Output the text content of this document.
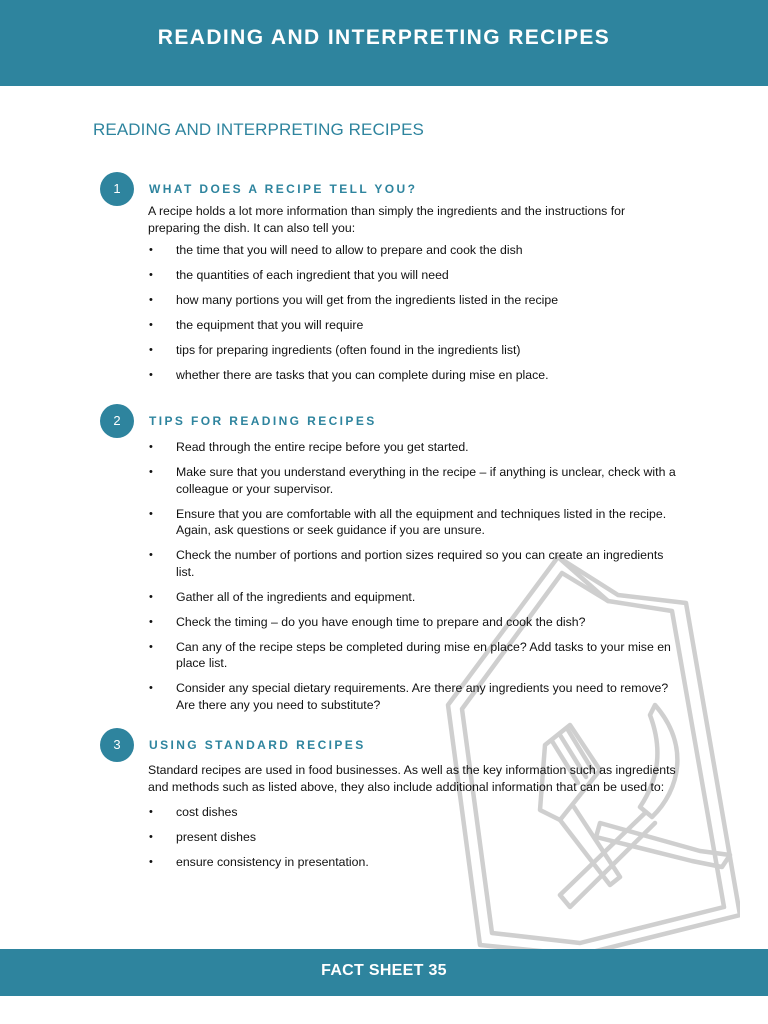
READING AND INTERPRETING RECIPES
READING AND INTERPRETING RECIPES
1	WHAT DOES A RECIPE TELL YOU?

A recipe holds a lot more information than simply the ingredients and the instructions for preparing the dish. It can also tell you:

• the time that you will need to allow to prepare and cook the dish
• the quantities of each ingredient that you will need
• how many portions you will get from the ingredients listed in the recipe
• the equipment that you will require
• tips for preparing ingredients (often found in the ingredients list)
• whether there are tasks that you can complete during mise en place.
2	TIPS FOR READING RECIPES
• Read through the entire recipe before you get started.
• Make sure that you understand everything in the recipe – if anything is unclear, check with a colleague or your supervisor.
• Ensure that you are comfortable with all the equipment and techniques listed in the recipe. Again, ask questions or seek guidance if you are unsure.
• Check the number of portions and portion sizes required so you can create an ingredients list.
• Gather all of the ingredients and equipment.
• Check the timing – do you have enough time to prepare and cook the dish?
• Can any of the recipe steps be completed during mise en place? Add tasks to your mise en place list.
• Consider any special dietary requirements. Are there any ingredients you need to remove? Are there any you need to substitute?
3	USING STANDARD RECIPES

Standard recipes are used in food businesses. As well as the key information such as ingredients and methods such as listed above, they also include additional information that can be used to:

• cost dishes
• present dishes
• ensure consistency in presentation.
FACT SHEET 35
